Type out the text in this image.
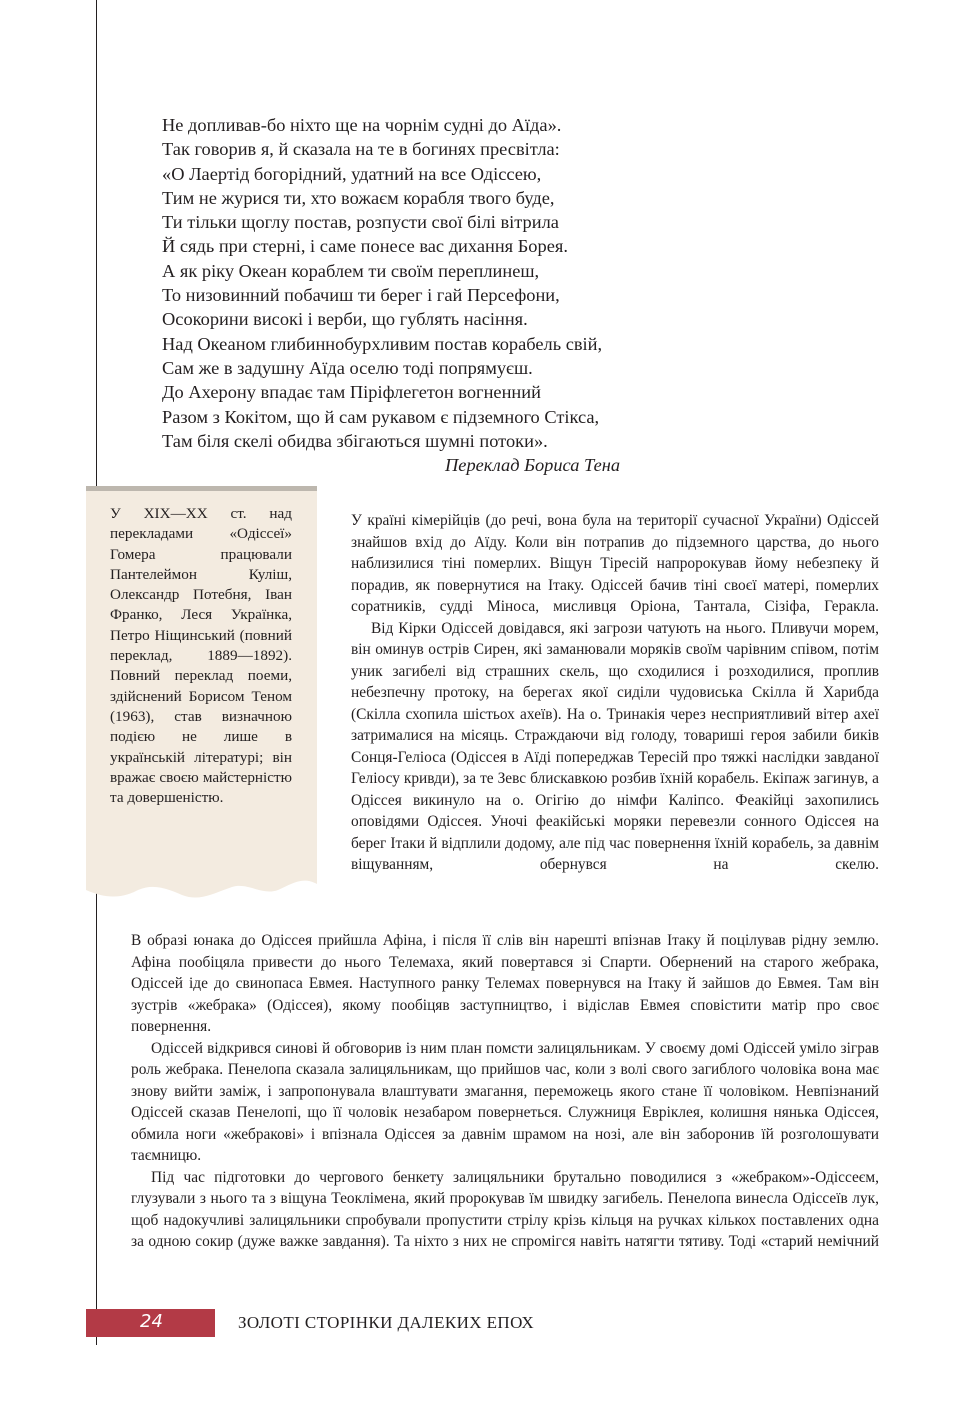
Не допливав-бо ніхто ще на чорнім судні до Аїда».
Так говорив я, й сказала на те в богинях пресвітла:
«О Лаертід богорідний, удатний на все Одіссею,
Тим не журися ти, хто вожаєм корабля твого буде,
Ти тільки щоглу постав, розпусти свої білі вітрила
Й сядь при стерні, і саме понесе вас дихання Борея.
А як ріку Океан кораблем ти своїм переплинеш,
То низовинний побачиш ти берег і гай Персефони,
Осокорини високі і верби, що гублять насіння.
Над Океаном глибиннобурхливим постав корабель свій,
Сам же в задушну Аїда оселю тоді попрямуєш.
До Ахерону впадає там Піріфлегетон вогненний
Разом з Кокітом, що й сам рукавом є підземного Стікса,
Там біля скелі обидва збігаються шумні потоки».
Переклад Бориса Тена
У XIX—XX ст. над перекладами «Одіссеї» Гомера працювали Пантелеймон Куліш, Олександр Потебня, Іван Франко, Леся Українка, Петро Ніщинський (повний переклад, 1889—1892). Повний переклад поеми, здійснений Борисом Теном (1963), став визначною подією не лише в українській літературі; він вражає своєю майстерністю та довершеністю.

У країні кімерійців (до речі, вона була на території сучасної України) Одіссей знайшов вхід до Аїду. Коли він потрапив до підземного царства, до нього наблизилися тіні померлих. Віщун Тіресій напророкував йому небезпеку й порадив, як повернутися на Ітаку. Одіссей бачив тіні своєї матері, померлих соратників, судді Міноса, мисливця Оріона, Тантала, Сізіфа, Геракла.

Від Кірки Одіссей довідався, які загрози чатують на нього. Пливучи морем, він оминув острів Сирен, які заманювали моряків своїм чарівним співом, потім уник загибелі від страшних скель, що сходилися і розходилися, проплив небезпечну протоку, на берегах якої сиділи чудовиська Скілла й Харибда (Скілла схопила шістьох ахеїв). На о. Тринакія через несприятливий вітер ахеї затрималися на місяць. Страждаючи від голоду, товариші героя забили биків Сонця-Геліоса (Одіссея в Аїді попереджав Тересій про тяжкі наслідки завданої Геліосу кривди), за те Зевс блискавкою розбив їхній корабель. Екіпаж загинув, а Одіссея викинуло на о. Огігію до німфи Каліпсо. Феакійці захопились оповідями Одіссея. Уночі феакійські моряки перевезли сонного Одіссея на берег Ітаки й відплили додому, але під час повернення їхній корабель, за давнім віщуванням, обернувся на скелю.

В образі юнака до Одіссея прийшла Афіна, і після її слів він нарешті впізнав Ітаку й поцілував рідну землю. Афіна пообіцяла привести до нього Телемаха, який повертався зі Спарти. Обернений на старого жебрака, Одіссей іде до свинопаса Евмея. Наступного ранку Телемах повернувся на Ітаку й зайшов до Евмея. Там він зустрів «жебрака» (Одіссея), якому пообіцяв заступництво, і відіслав Евмея сповістити матір про своє повернення.

Одіссей відкрився синові й обговорив із ним план помсти залицяльникам. У своєму домі Одіссей уміло зіграв роль жебрака. Пенелопа сказала залицяльникам, що прийшов час, коли з волі свого загиблого чоловіка вона має знову вийти заміж, і запропонувала влаштувати змагання, переможець якого стане її чоловіком. Невпізнаний Одіссей сказав Пенелопі, що її чоловік незабаром повернеться. Служниця Евріклея, колишня нянька Одіссея, обмила ноги «жебракові» і впізнала Одіссея за давнім шрамом на нозі, але він заборонив їй розголошувати таємницю.

Під час підготовки до чергового бенкету залицяльники брутально поводилися з «жебраком»-Одіссеєм, глузували з нього та з віщуна Теоклімена, який пророкував їм швидку загибель. Пенелопа винесла Одіссеїв лук, щоб надокучливі залицяльники спробували пропустити стрілу крізь кільця на ручках кількох поставлених одна за одною сокир (дуже важке завдання). Та ніхто з них не спромігся навіть натягти тятиву. Тоді «старий немічний

24	ЗОЛОТІ СТОРІНКИ ДАЛЕКИХ ЕПОХ
